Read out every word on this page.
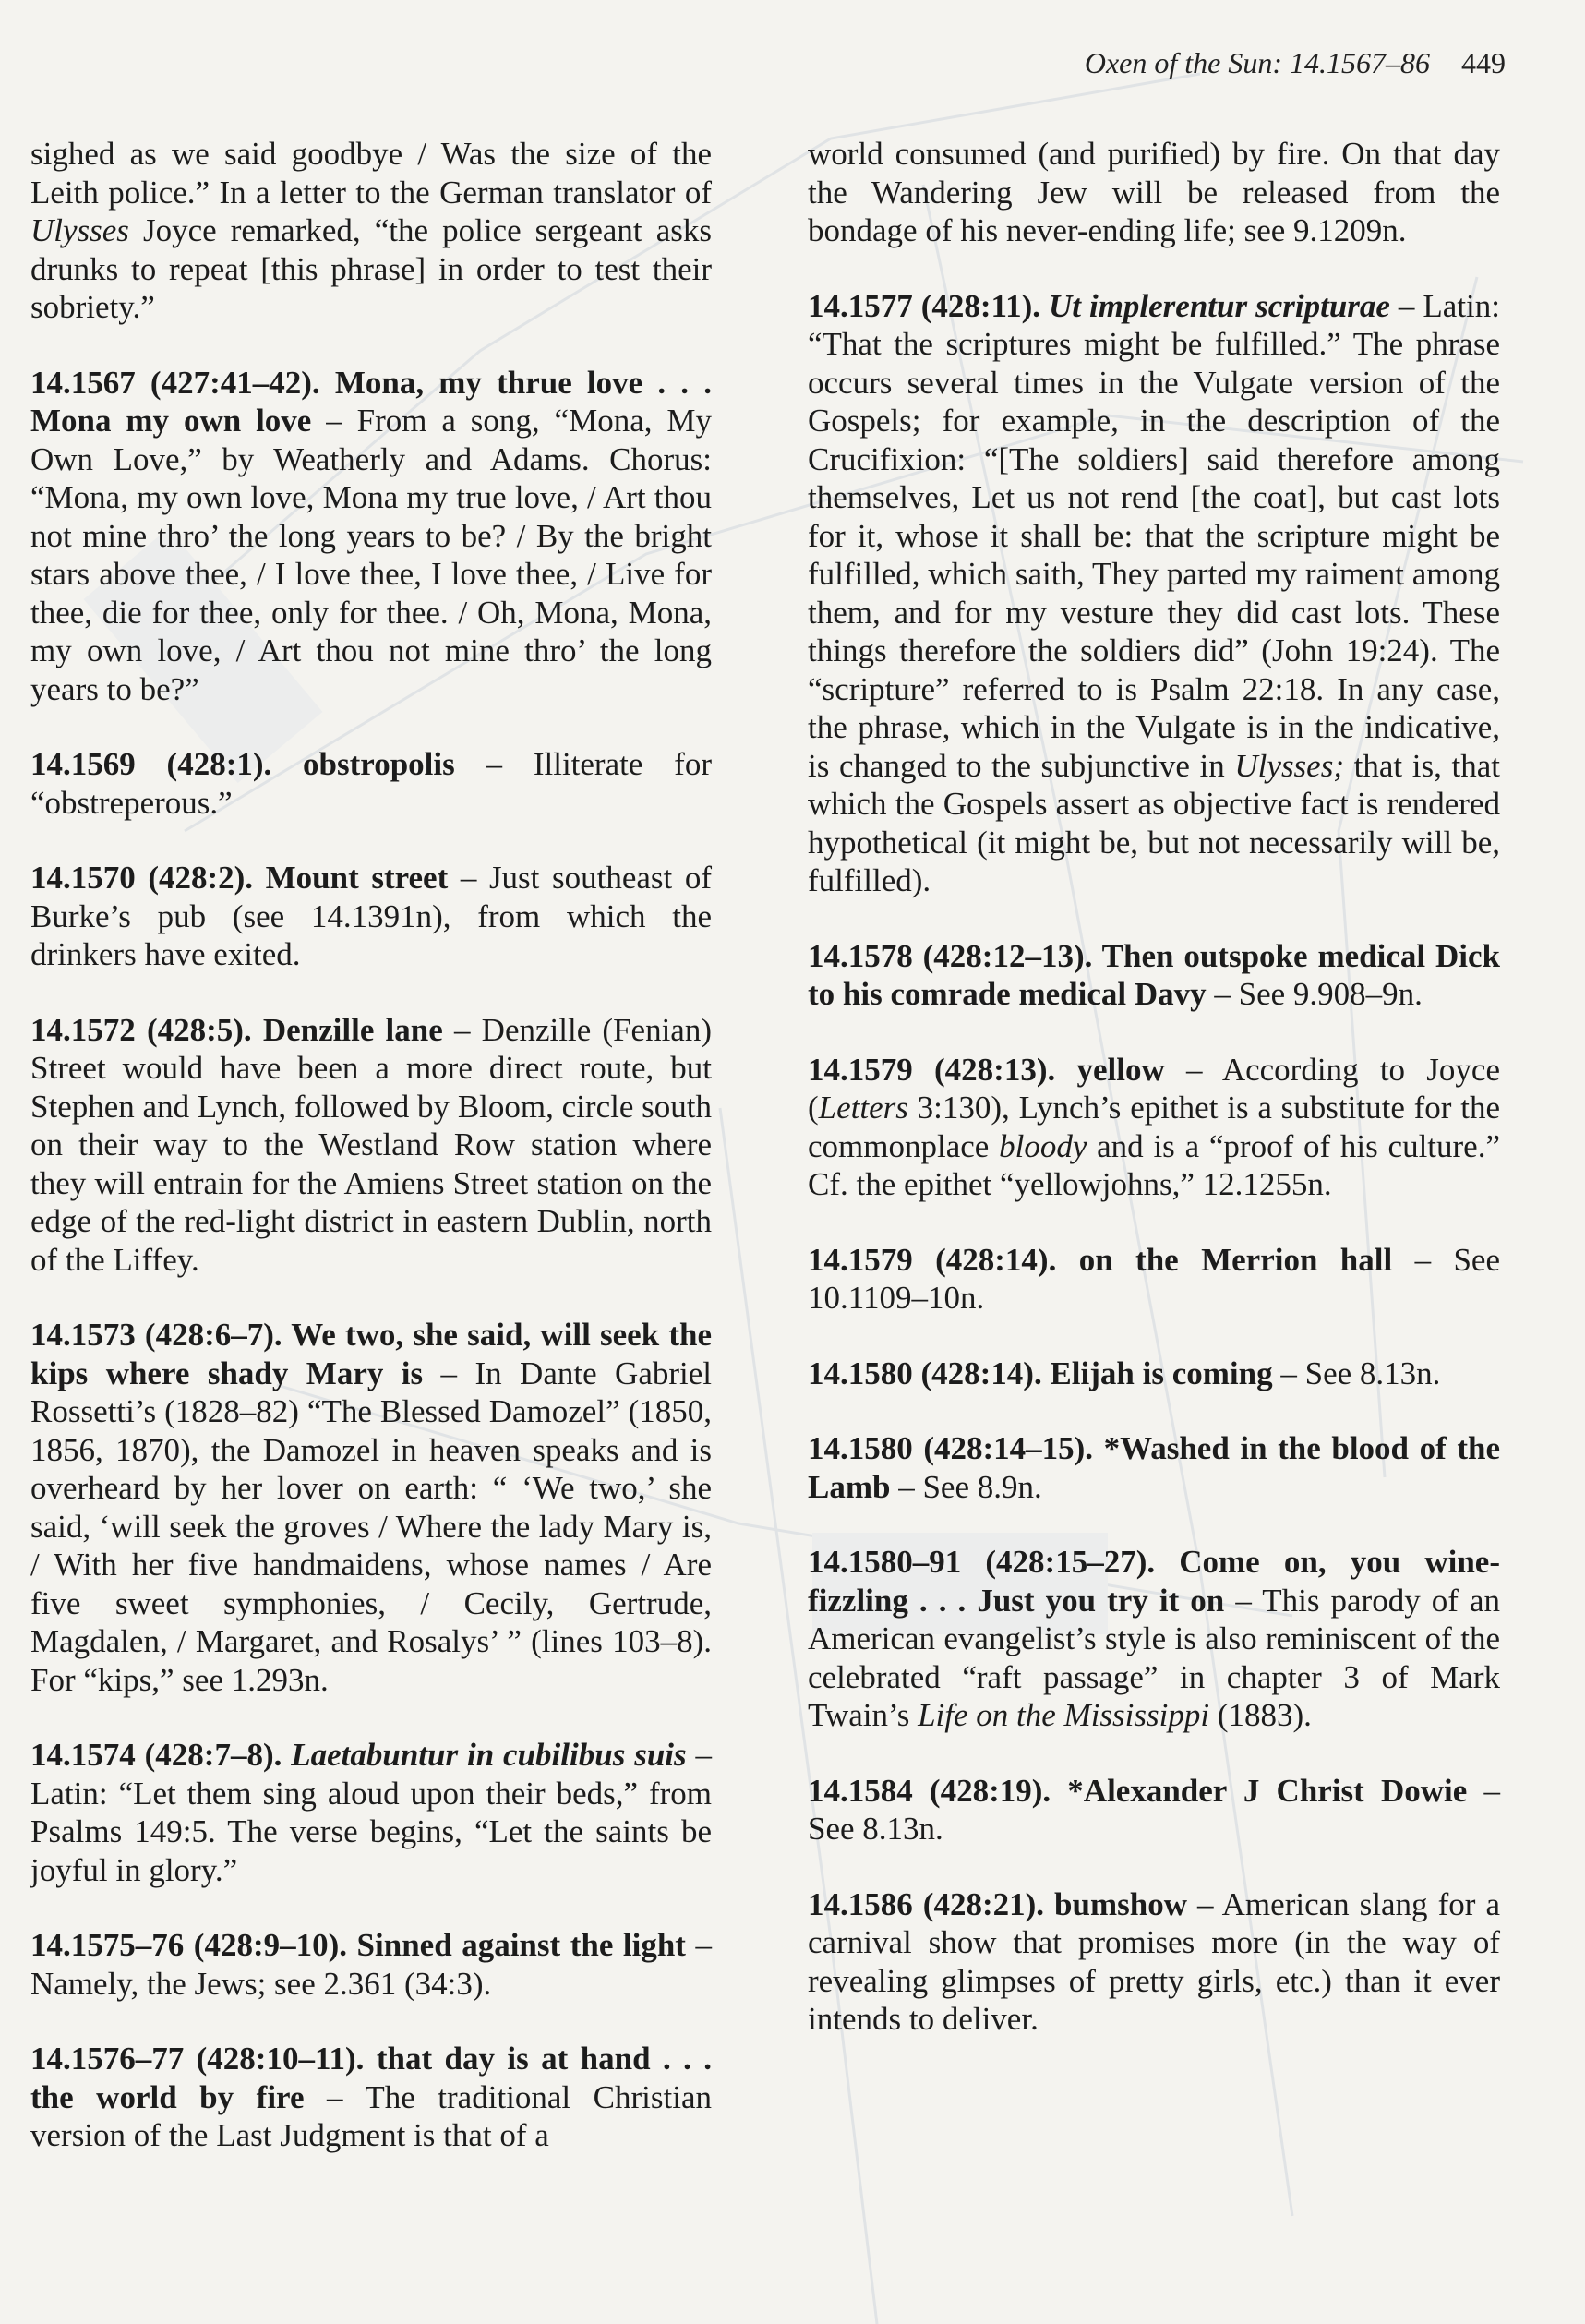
Oxen of the Sun: 14.1567–86 449

sighed as we said goodbye / Was the size of the Leith police.” In a letter to the German translator of Ulysses Joyce remarked, “the police sergeant asks drunks to repeat [this phrase] in order to test their sobriety.”

14.1567 (427:41–42). Mona, my thrue love . . . Mona my own love – From a song, “Mona, My Own Love,” by Weatherly and Adams. Chorus: “Mona, my own love, Mona my true love, / Art thou not mine thro’ the long years to be? / By the bright stars above thee, / I love thee, I love thee, / Live for thee, die for thee, only for thee. / Oh, Mona, Mona, my own love, / Art thou not mine thro’ the long years to be?”

14.1569 (428:1). obstropolis – Illiterate for “obstreperous.”

14.1570 (428:2). Mount street – Just southeast of Burke’s pub (see 14.1391n), from which the drinkers have exited.

14.1572 (428:5). Denzille lane – Denzille (Fenian) Street would have been a more direct route, but Stephen and Lynch, followed by Bloom, circle south on their way to the Westland Row station where they will entrain for the Amiens Street station on the edge of the red-light district in eastern Dublin, north of the Liffey.

14.1573 (428:6–7). We two, she said, will seek the kips where shady Mary is – In Dante Gabriel Rossetti’s (1828–82) “The Blessed Damozel” (1850, 1856, 1870), the Damozel in heaven speaks and is overheard by her lover on earth: “ ‘We two,’ she said, ‘will seek the groves / Where the lady Mary is, / With her five handmaidens, whose names / Are five sweet symphonies, / Cecily, Gertrude, Magdalen, / Margaret, and Rosalys’ ” (lines 103–8). For “kips,” see 1.293n.

14.1574 (428:7–8). Laetabuntur in cubilibus suis – Latin: “Let them sing aloud upon their beds,” from Psalms 149:5. The verse begins, “Let the saints be joyful in glory.”

14.1575–76 (428:9–10). Sinned against the light – Namely, the Jews; see 2.361 (34:3).

14.1576–77 (428:10–11). that day is at hand . . . the world by fire – The traditional Christian version of the Last Judgment is that of a

world consumed (and purified) by fire. On that day the Wandering Jew will be released from the bondage of his never-ending life; see 9.1209n.

14.1577 (428:11). Ut implerentur scripturae – Latin: “That the scriptures might be fulfilled.” The phrase occurs several times in the Vulgate version of the Gospels; for example, in the description of the Crucifixion: “[The soldiers] said therefore among themselves, Let us not rend [the coat], but cast lots for it, whose it shall be: that the scripture might be fulfilled, which saith, They parted my raiment among them, and for my vesture they did cast lots. These things therefore the soldiers did” (John 19:24). The “scripture” referred to is Psalm 22:18. In any case, the phrase, which in the Vulgate is in the indicative, is changed to the subjunctive in Ulysses; that is, that which the Gospels assert as objective fact is rendered hypothetical (it might be, but not necessarily will be, fulfilled).

14.1578 (428:12–13). Then outspoke medical Dick to his comrade medical Davy – See 9.908–9n.

14.1579 (428:13). yellow – According to Joyce (Letters 3:130), Lynch’s epithet is a substitute for the commonplace bloody and is a “proof of his culture.” Cf. the epithet “yellowjohns,” 12.1255n.

14.1579 (428:14). on the Merrion hall – See 10.1109–10n.

14.1580 (428:14). Elijah is coming – See 8.13n.

14.1580 (428:14–15). *Washed in the blood of the Lamb – See 8.9n.

14.1580–91 (428:15–27). Come on, you winefizzling . . . Just you try it on – This parody of an American evangelist’s style is also reminiscent of the celebrated “raft passage” in chapter 3 of Mark Twain’s Life on the Mississippi (1883).

14.1584 (428:19). *Alexander J Christ Dowie – See 8.13n.

14.1586 (428:21). bumshow – American slang for a carnival show that promises more (in the way of revealing glimpses of pretty girls, etc.) than it ever intends to deliver.
